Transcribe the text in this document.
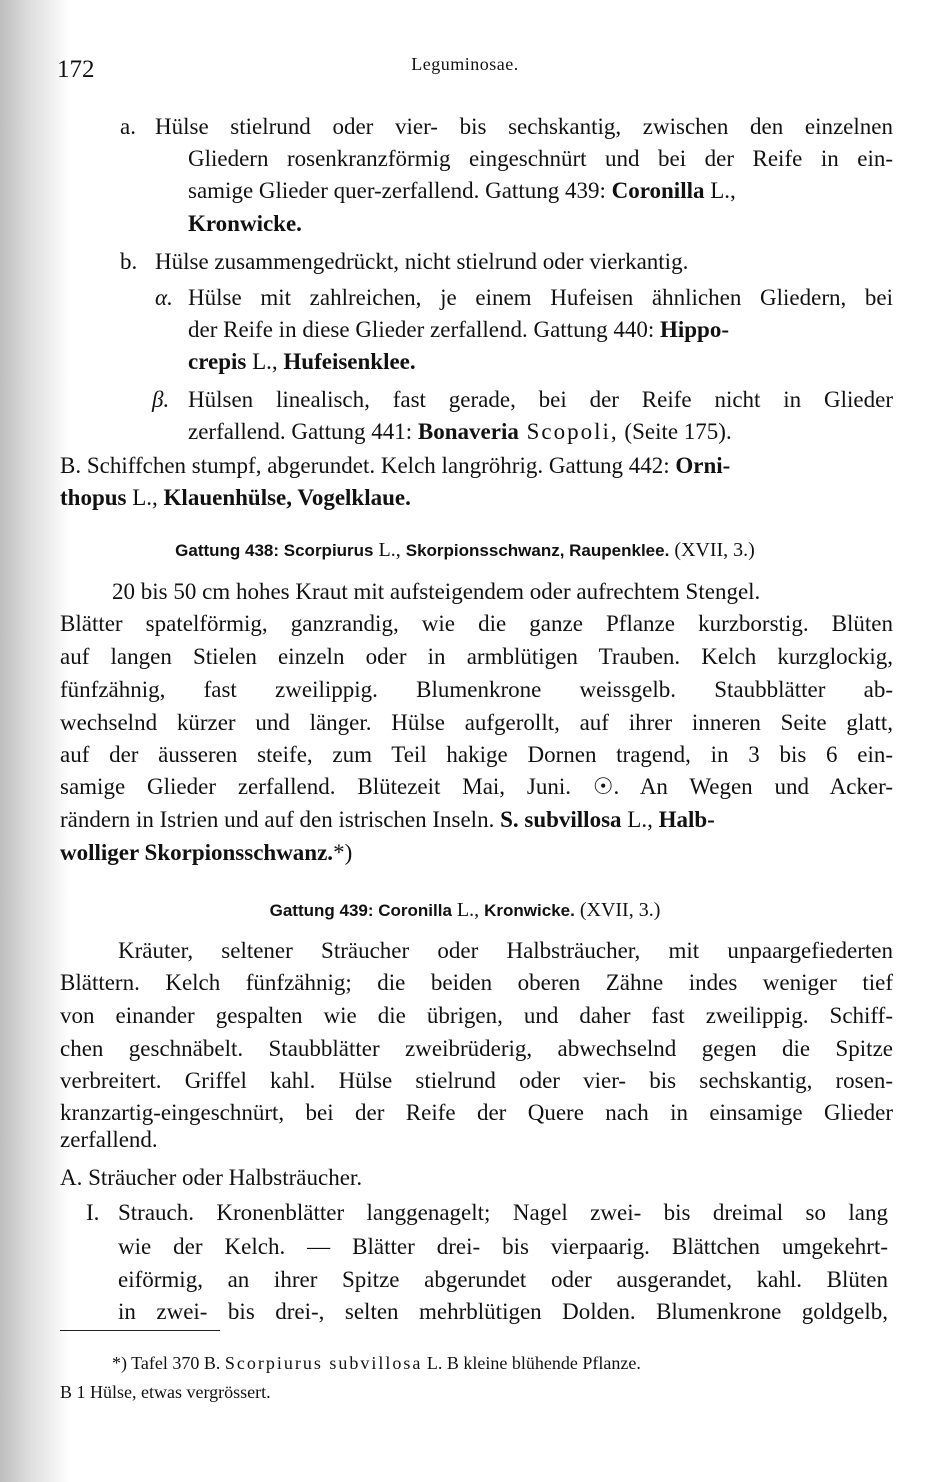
172	Leguminosae.
a. Hülse stielrund oder vier- bis sechskantig, zwischen den einzelnen
Gliedern rosenkranzförmig eingeschnürt und bei der Reife in ein-
samige Glieder quer-zerfallend. Gattung 439: Coronilla L.,
Kronwicke.
b. Hülse zusammengedrückt, nicht stielrund oder vierkantig.
α. Hülse mit zahlreichen, je einem Hufeisen ähnlichen Gliedern, bei
der Reife in diese Glieder zerfallend. Gattung 440: Hippo-
crepis L., Hufeisenklee.
β. Hülsen linealisch, fast gerade, bei der Reife nicht in Glieder
zerfallend. Gattung 441: Bonaveria Scopoli, (Seite 175).
B. Schiffchen stumpf, abgerundet. Kelch langröhrig. Gattung 442: Orni-
thopus L., Klauenhülse, Vogelklaue.
Gattung 438: Scorpiurus L., Skorpionsschwanz, Raupenklee. (XVII, 3.)
20 bis 50 cm hohes Kraut mit aufsteigendem oder aufrechtem Stengel.
Blätter spatelförmig, ganzrandig, wie die ganze Pflanze kurzborstig. Blüten
auf langen Stielen einzeln oder in armblütigen Trauben. Kelch kurzglockig,
fünfzähnig, fast zweilippig. Blumenkrone weissgelb. Staubblätter ab-
wechselnd kürzer und länger. Hülse aufgerollt, auf ihrer inneren Seite glatt,
auf der äusseren steife, zum Teil hakige Dornen tragend, in 3 bis 6 ein-
samige Glieder zerfallend. Blütezeit Mai, Juni. ☉. An Wegen und Acker-
rändern in Istrien und auf den istrischen Inseln. S. subvillosa L., Halb-
wolliger Skorpionsschwanz.*)
Gattung 439: Coronilla L., Kronwicke. (XVII, 3.)
Kräuter, seltener Sträucher oder Halbsträucher, mit unpaargefiederten
Blättern. Kelch fünfzähnig; die beiden oberen Zähne indes weniger tief
von einander gespalten wie die übrigen, und daher fast zweilippig. Schiff-
chen geschnäbelt. Staubblätter zweibrüderig, abwechselnd gegen die Spitze
verbreitert. Griffel kahl. Hülse stielrund oder vier- bis sechskantig, rosen-
kranzartig-eingeschnürt, bei der Reife der Quere nach in einsamige Glieder
zerfallend.
A. Sträucher oder Halbsträucher.
I. Strauch. Kronenblätter langgenagelt; Nagel zwei- bis dreimal so lang
wie der Kelch. — Blätter drei- bis vierpaarig. Blättchen umgekehrt-
eiförmig, an ihrer Spitze abgerundet oder ausgerandet, kahl. Blüten
in zwei- bis drei-, selten mehrblütigen Dolden. Blumenkrone goldgelb,
*) Tafel 370 B. Scorpiurus subvillosa L. B kleine blühende Pflanze.
B 1 Hülse, etwas vergrössert.
